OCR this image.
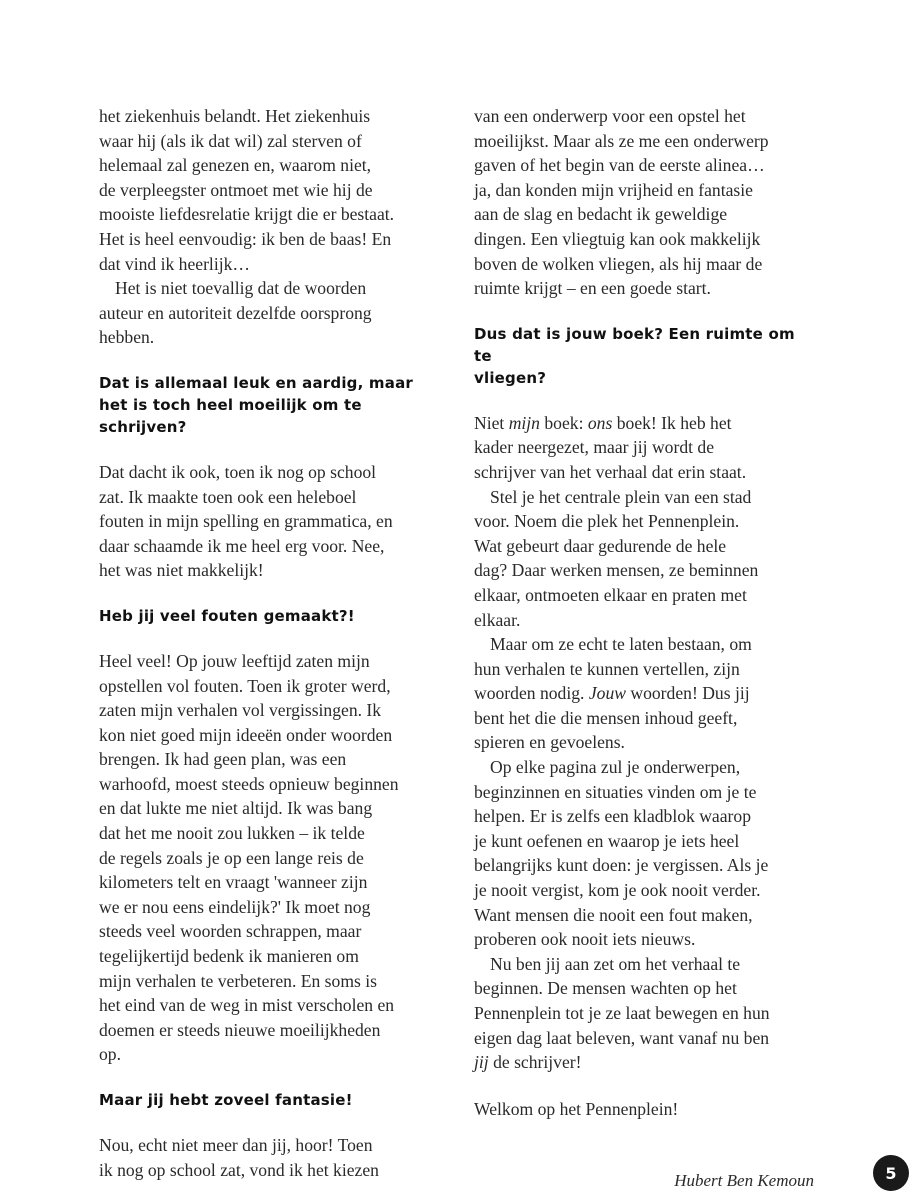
het ziekenhuis belandt. Het ziekenhuis
waar hij (als ik dat wil) zal sterven of
helemaal zal genezen en, waarom niet,
de verpleegster ontmoet met wie hij de
mooiste liefdesrelatie krijgt die er bestaat.
Het is heel eenvoudig: ik ben de baas! En
dat vind ik heerlijk…

Het is niet toevallig dat de woorden
auteur en autoriteit dezelfde oorsprong
hebben.

Dat is allemaal leuk en aardig, maar
het is toch heel moeilijk om te schrijven?

Dat dacht ik ook, toen ik nog op school
zat. Ik maakte toen ook een heleboel
fouten in mijn spelling en grammatica, en
daar schaamde ik me heel erg voor. Nee,
het was niet makkelijk!

Heb jij veel fouten gemaakt?!

Heel veel! Op jouw leeftijd zaten mijn
opstellen vol fouten. Toen ik groter werd,
zaten mijn verhalen vol vergissingen. Ik
kon niet goed mijn ideeën onder woorden
brengen. Ik had geen plan, was een
warhoofd, moest steeds opnieuw beginnen
en dat lukte me niet altijd. Ik was bang
dat het me nooit zou lukken – ik telde
de regels zoals je op een lange reis de
kilometers telt en vraagt 'wanneer zijn
we er nou eens eindelijk?' Ik moet nog
steeds veel woorden schrappen, maar
tegelijkertijd bedenk ik manieren om
mijn verhalen te verbeteren. En soms is
het eind van de weg in mist verscholen en
doemen er steeds nieuwe moeilijkheden
op.

Maar jij hebt zoveel fantasie!

Nou, echt niet meer dan jij, hoor! Toen
ik nog op school zat, vond ik het kiezen

van een onderwerp voor een opstel het
moeilijkst. Maar als ze me een onderwerp
gaven of het begin van de eerste alinea…
ja, dan konden mijn vrijheid en fantasie
aan de slag en bedacht ik geweldige
dingen. Een vliegtuig kan ook makkelijk
boven de wolken vliegen, als hij maar de
ruimte krijgt – en een goede start.

Dus dat is jouw boek? Een ruimte om te
vliegen?

Niet mijn boek: ons boek! Ik heb het
kader neergezet, maar jij wordt de
schrijver van het verhaal dat erin staat.

Stel je het centrale plein van een stad
voor. Noem die plek het Pennenplein.
Wat gebeurt daar gedurende de hele
dag? Daar werken mensen, ze beminnen
elkaar, ontmoeten elkaar en praten met
elkaar.

Maar om ze echt te laten bestaan, om
hun verhalen te kunnen vertellen, zijn
woorden nodig. Jouw woorden! Dus jij
bent het die die mensen inhoud geeft,
spieren en gevoelens.

Op elke pagina zul je onderwerpen,
beginzinnen en situaties vinden om je te
helpen. Er is zelfs een kladblok waarop
je kunt oefenen en waarop je iets heel
belangrijks kunt doen: je vergissen. Als je
je nooit vergist, kom je ook nooit verder.
Want mensen die nooit een fout maken,
proberen ook nooit iets nieuws.

Nu ben jij aan zet om het verhaal te
beginnen. De mensen wachten op het
Pennenplein tot je ze laat bewegen en hun
eigen dag laat beleven, want vanaf nu ben
jij de schrijver!

Welkom op het Pennenplein!

Hubert Ben Kemoun	5
